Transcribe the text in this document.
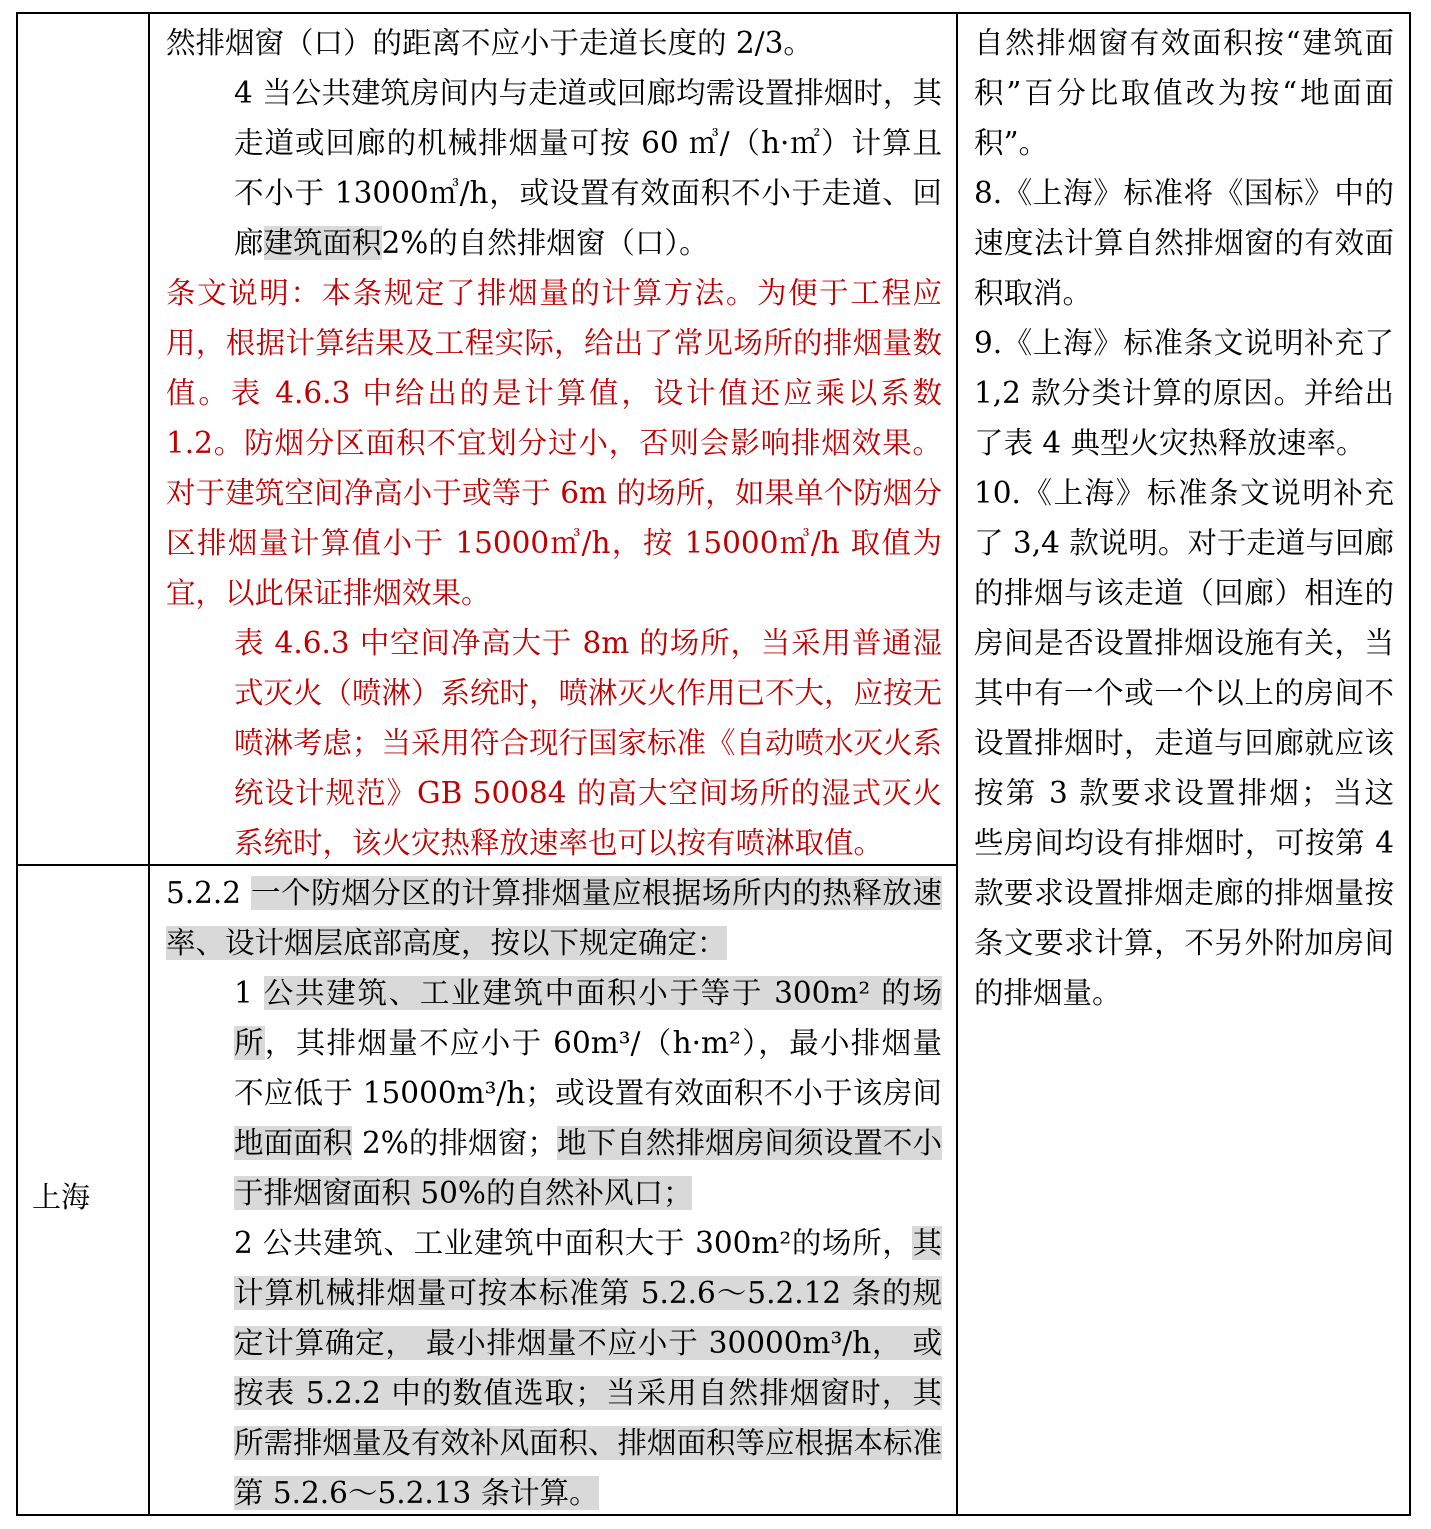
上海

然排烟窗（口）的距离不应小于走道长度的 2/3。

4 当公共建筑房间内与走道或回廊均需设置排烟时，其走道或回廊的机械排烟量可按 60 ㎥/（h·㎡）计算且不小于 13000㎥/h，或设置有效面积不小于走道、回廊建筑面积2%的自然排烟窗（口）。

条文说明：本条规定了排烟量的计算方法。为便于工程应用，根据计算结果及工程实际，给出了常见场所的排烟量数值。表 4.6.3 中给出的是计算值，设计值还应乘以系数 1.2。防烟分区面积不宜划分过小，否则会影响排烟效果。对于建筑空间净高小于或等于 6m 的场所，如果单个防烟分区排烟量计算值小于 15000㎥/h，按 15000㎥/h 取值为宜，以此保证排烟效果。

表 4.6.3 中空间净高大于 8m 的场所，当采用普通湿式灭火（喷淋）系统时，喷淋灭火作用已不大，应按无喷淋考虑；当采用符合现行国家标准《自动喷水灭火系统设计规范》GB 50084 的高大空间场所的湿式灭火系统时，该火灾热释放速率也可以按有喷淋取值。

5.2.2 一个防烟分区的计算排烟量应根据场所内的热释放速率、设计烟层底部高度，按以下规定确定：

1 公共建筑、工业建筑中面积小于等于 300m² 的场所，其排烟量不应小于 60m³/（h·m²），最小排烟量不应低于 15000m³/h；或设置有效面积不小于该房间地面面积 2%的排烟窗；地下自然排烟房间须设置不小于排烟窗面积 50%的自然补风口；

2 公共建筑、工业建筑中面积大于 300m²的场所，其计算机械排烟量可按本标准第 5.2.6～5.2.12 条的规定计算确定， 最小排烟量不应小于 30000m³/h， 或按表 5.2.2 中的数值选取；当采用自然排烟窗时，其所需排烟量及有效补风面积、排烟面积等应根据本标准第 5.2.6～5.2.13 条计算。

自然排烟窗有效面积按“建筑面积”百分比取值改为按“地面面积”。

8.《上海》标准将《国标》中的速度法计算自然排烟窗的有效面积取消。

9.《上海》标准条文说明补充了 1,2 款分类计算的原因。并给出了表 4 典型火灾热释放速率。

10.《上海》标准条文说明补充了 3,4 款说明。对于走道与回廊的排烟与该走道（回廊）相连的房间是否设置排烟设施有关，当其中有一个或一个以上的房间不设置排烟时，走道与回廊就应该按第 3 款要求设置排烟；当这些房间均设有排烟时，可按第 4 款要求设置排烟走廊的排烟量按条文要求计算，不另外附加房间的排烟量。
